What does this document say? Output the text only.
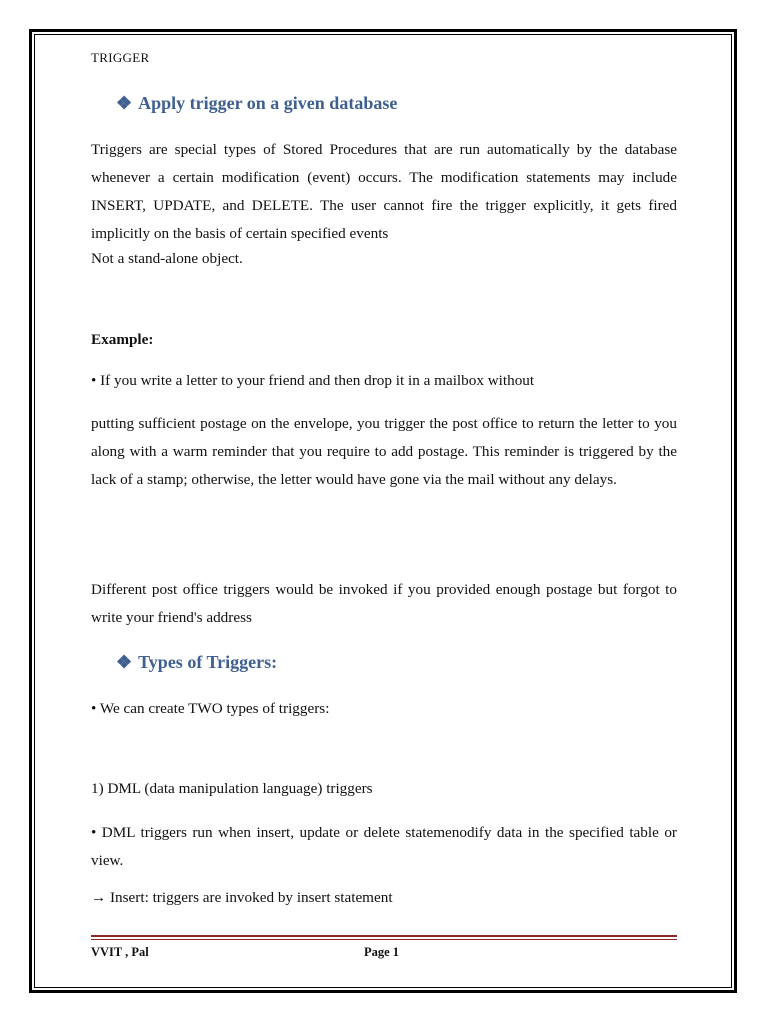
TRIGGER
❖ Apply trigger on a given database

Triggers are special types of Stored Procedures that are run automatically by the database whenever a certain modification (event) occurs. The modification statements may include INSERT, UPDATE, and DELETE. The user cannot fire the trigger explicitly, it gets fired implicitly on the basis of certain specified events

Not a stand-alone object.

Example:

• If you write a letter to your friend and then drop it in a mailbox without

putting sufficient postage on the envelope, you trigger the post office to return the letter to you along with a warm reminder that you require to add postage. This reminder is triggered by the lack of a stamp; otherwise, the letter would have gone via the mail without any delays.

Different post office triggers would be invoked if you provided enough postage but forgot to write your friend's address

❖ Types of Triggers:

• We can create TWO types of triggers:

1) DML (data manipulation language) triggers

• DML triggers run when insert, update or delete statemenodify data in the specified table or view.

→ Insert: triggers are invoked by insert statement

VVIT , Pal	Page 1
